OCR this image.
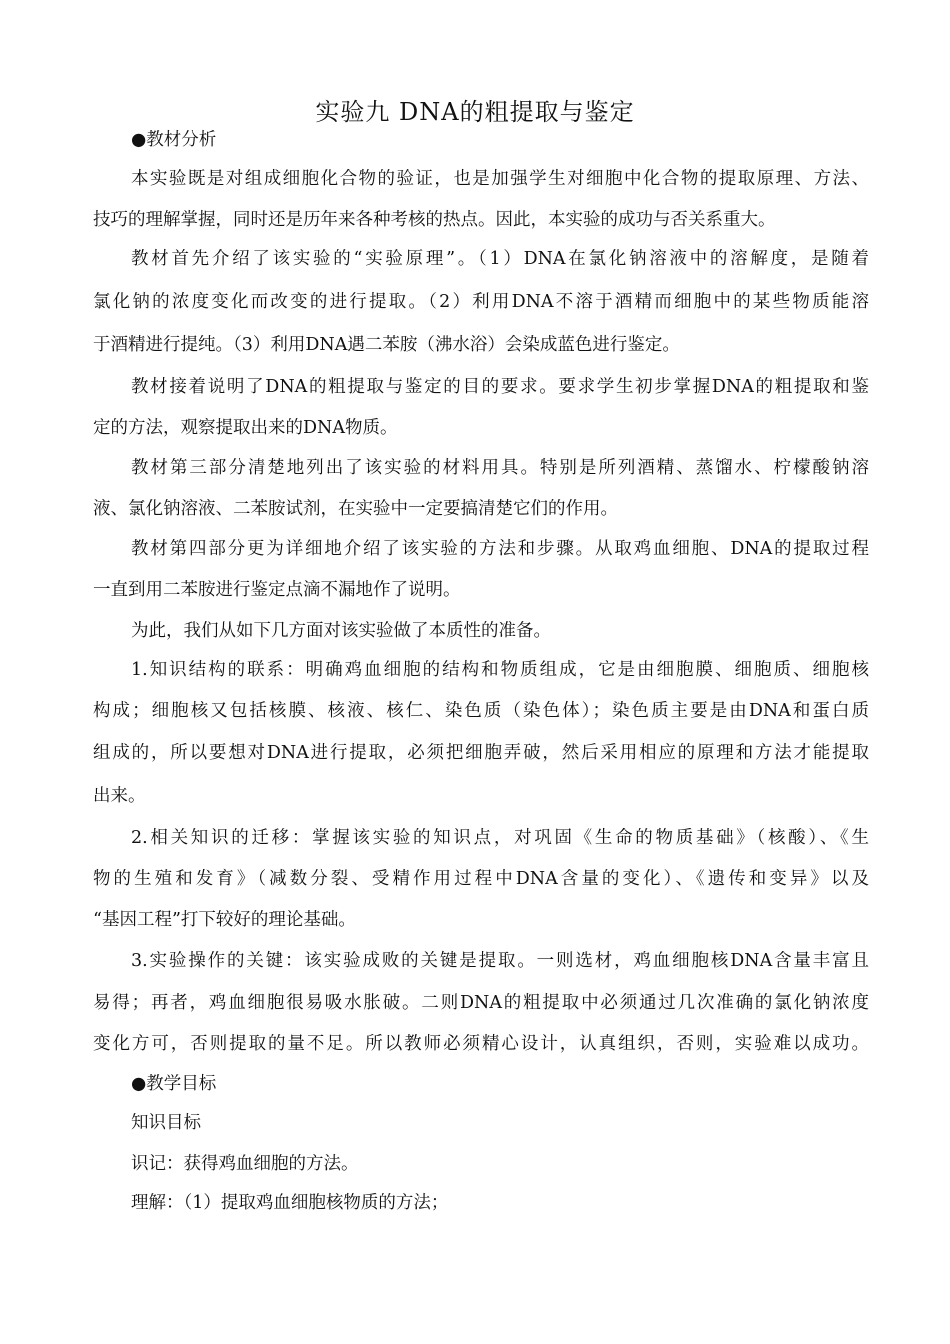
实验九 DNA的粗提取与鉴定
●教材分析
本实验既是对组成细胞化合物的验证，也是加强学生对细胞中化合物的提取原理、方法、
技巧的理解掌握，同时还是历年来各种考核的热点。因此，本实验的成功与否关系重大。
教材首先介绍了该实验的“实验原理”。（1）DNA在氯化钠溶液中的溶解度，是随着
氯化钠的浓度变化而改变的进行提取。（2）利用DNA不溶于酒精而细胞中的某些物质能溶
于酒精进行提纯。（3）利用DNA遇二苯胺（沸水浴）会染成蓝色进行鉴定。
教材接着说明了DNA的粗提取与鉴定的目的要求。要求学生初步掌握DNA的粗提取和鉴
定的方法，观察提取出来的DNA物质。
教材第三部分清楚地列出了该实验的材料用具。特别是所列酒精、蒸馏水、柠檬酸钠溶
液、氯化钠溶液、二苯胺试剂，在实验中一定要搞清楚它们的作用。
教材第四部分更为详细地介绍了该实验的方法和步骤。从取鸡血细胞、DNA的提取过程
一直到用二苯胺进行鉴定点滴不漏地作了说明。
为此，我们从如下几方面对该实验做了本质性的准备。
1.知识结构的联系：明确鸡血细胞的结构和物质组成，它是由细胞膜、细胞质、细胞核
构成；细胞核又包括核膜、核液、核仁、染色质（染色体）；染色质主要是由DNA和蛋白质
组成的，所以要想对DNA进行提取，必须把细胞弄破，然后采用相应的原理和方法才能提取
出来。
2.相关知识的迁移：掌握该实验的知识点，对巩固《生命的物质基础》（核酸）、《生
物的生殖和发育》（减数分裂、受精作用过程中DNA含量的变化）、《遗传和变异》以及
“基因工程”打下较好的理论基础。
3.实验操作的关键：该实验成败的关键是提取。一则选材，鸡血细胞核DNA含量丰富且
易得；再者，鸡血细胞很易吸水胀破。二则DNA的粗提取中必须通过几次准确的氯化钠浓度
变化方可，否则提取的量不足。所以教师必须精心设计，认真组织，否则，实验难以成功。
●教学目标
知识目标
识记：获得鸡血细胞的方法。
理解：（1）提取鸡血细胞核物质的方法；
